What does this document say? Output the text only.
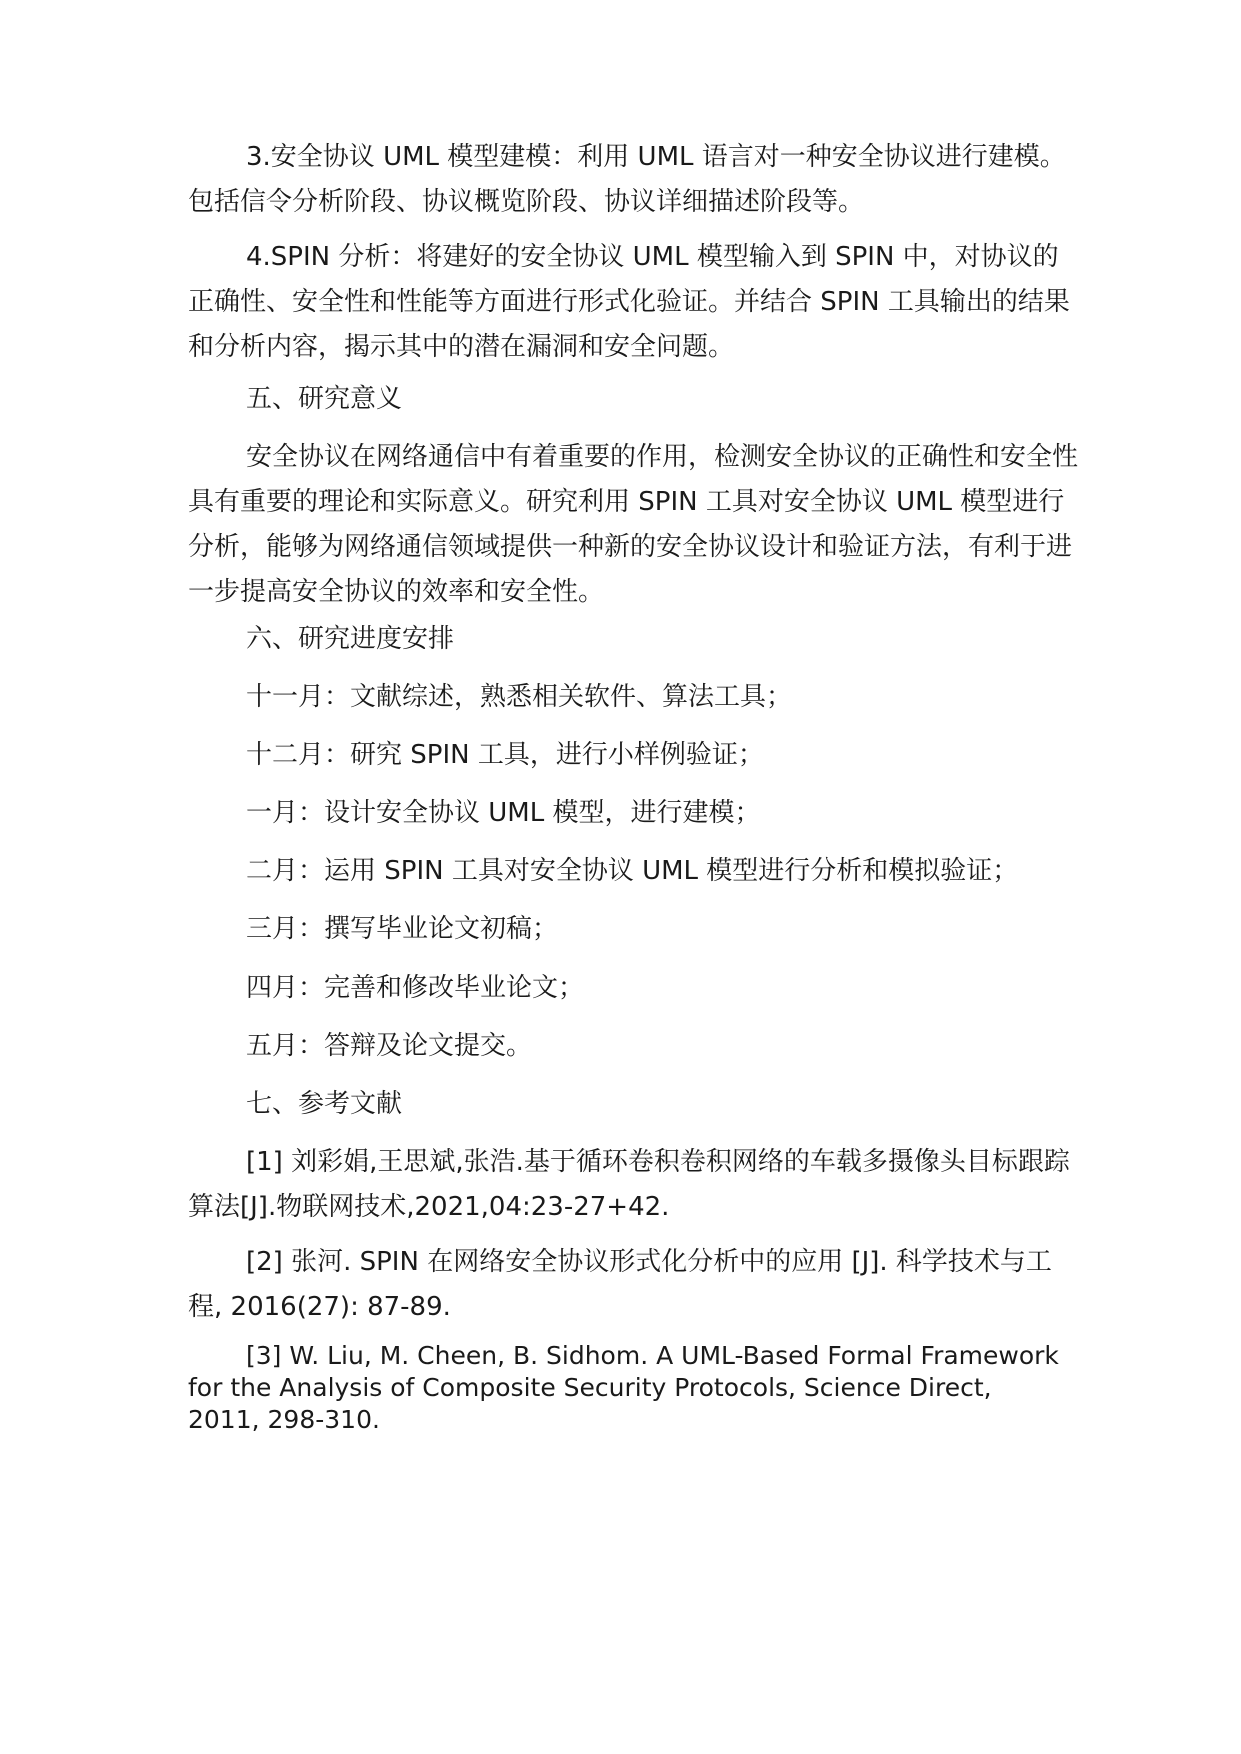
3.安全协议 UML 模型建模：利用 UML 语言对一种安全协议进行建模。包括信令分析阶段、协议概览阶段、协议详细描述阶段等。

4.SPIN 分析：将建好的安全协议 UML 模型输入到 SPIN 中，对协议的正确性、安全性和性能等方面进行形式化验证。并结合 SPIN 工具输出的结果和分析内容，揭示其中的潜在漏洞和安全问题。

五、研究意义

安全协议在网络通信中有着重要的作用，检测安全协议的正确性和安全性具有重要的理论和实际意义。研究利用 SPIN 工具对安全协议 UML 模型进行分析，能够为网络通信领域提供一种新的安全协议设计和验证方法，有利于进一步提高安全协议的效率和安全性。

六、研究进度安排

十一月：文献综述，熟悉相关软件、算法工具；

十二月：研究 SPIN 工具，进行小样例验证；

一月：设计安全协议 UML 模型，进行建模；

二月：运用 SPIN 工具对安全协议 UML 模型进行分析和模拟验证；

三月：撰写毕业论文初稿；

四月：完善和修改毕业论文；

五月：答辩及论文提交。

七、参考文献

[1] 刘彩娟,王思斌,张浩.基于循环卷积卷积网络的车载多摄像头目标跟踪算法[J].物联网技术,2021,04:23-27+42.

[2] 张河. SPIN 在网络安全协议形式化分析中的应用 [J]. 科学技术与工程, 2016(27): 87-89.

[3] W. Liu, M. Cheen, B. Sidhom. A UML-Based Formal Framework for the Analysis of Composite Security Protocols, Science Direct, 2011, 298-310.
